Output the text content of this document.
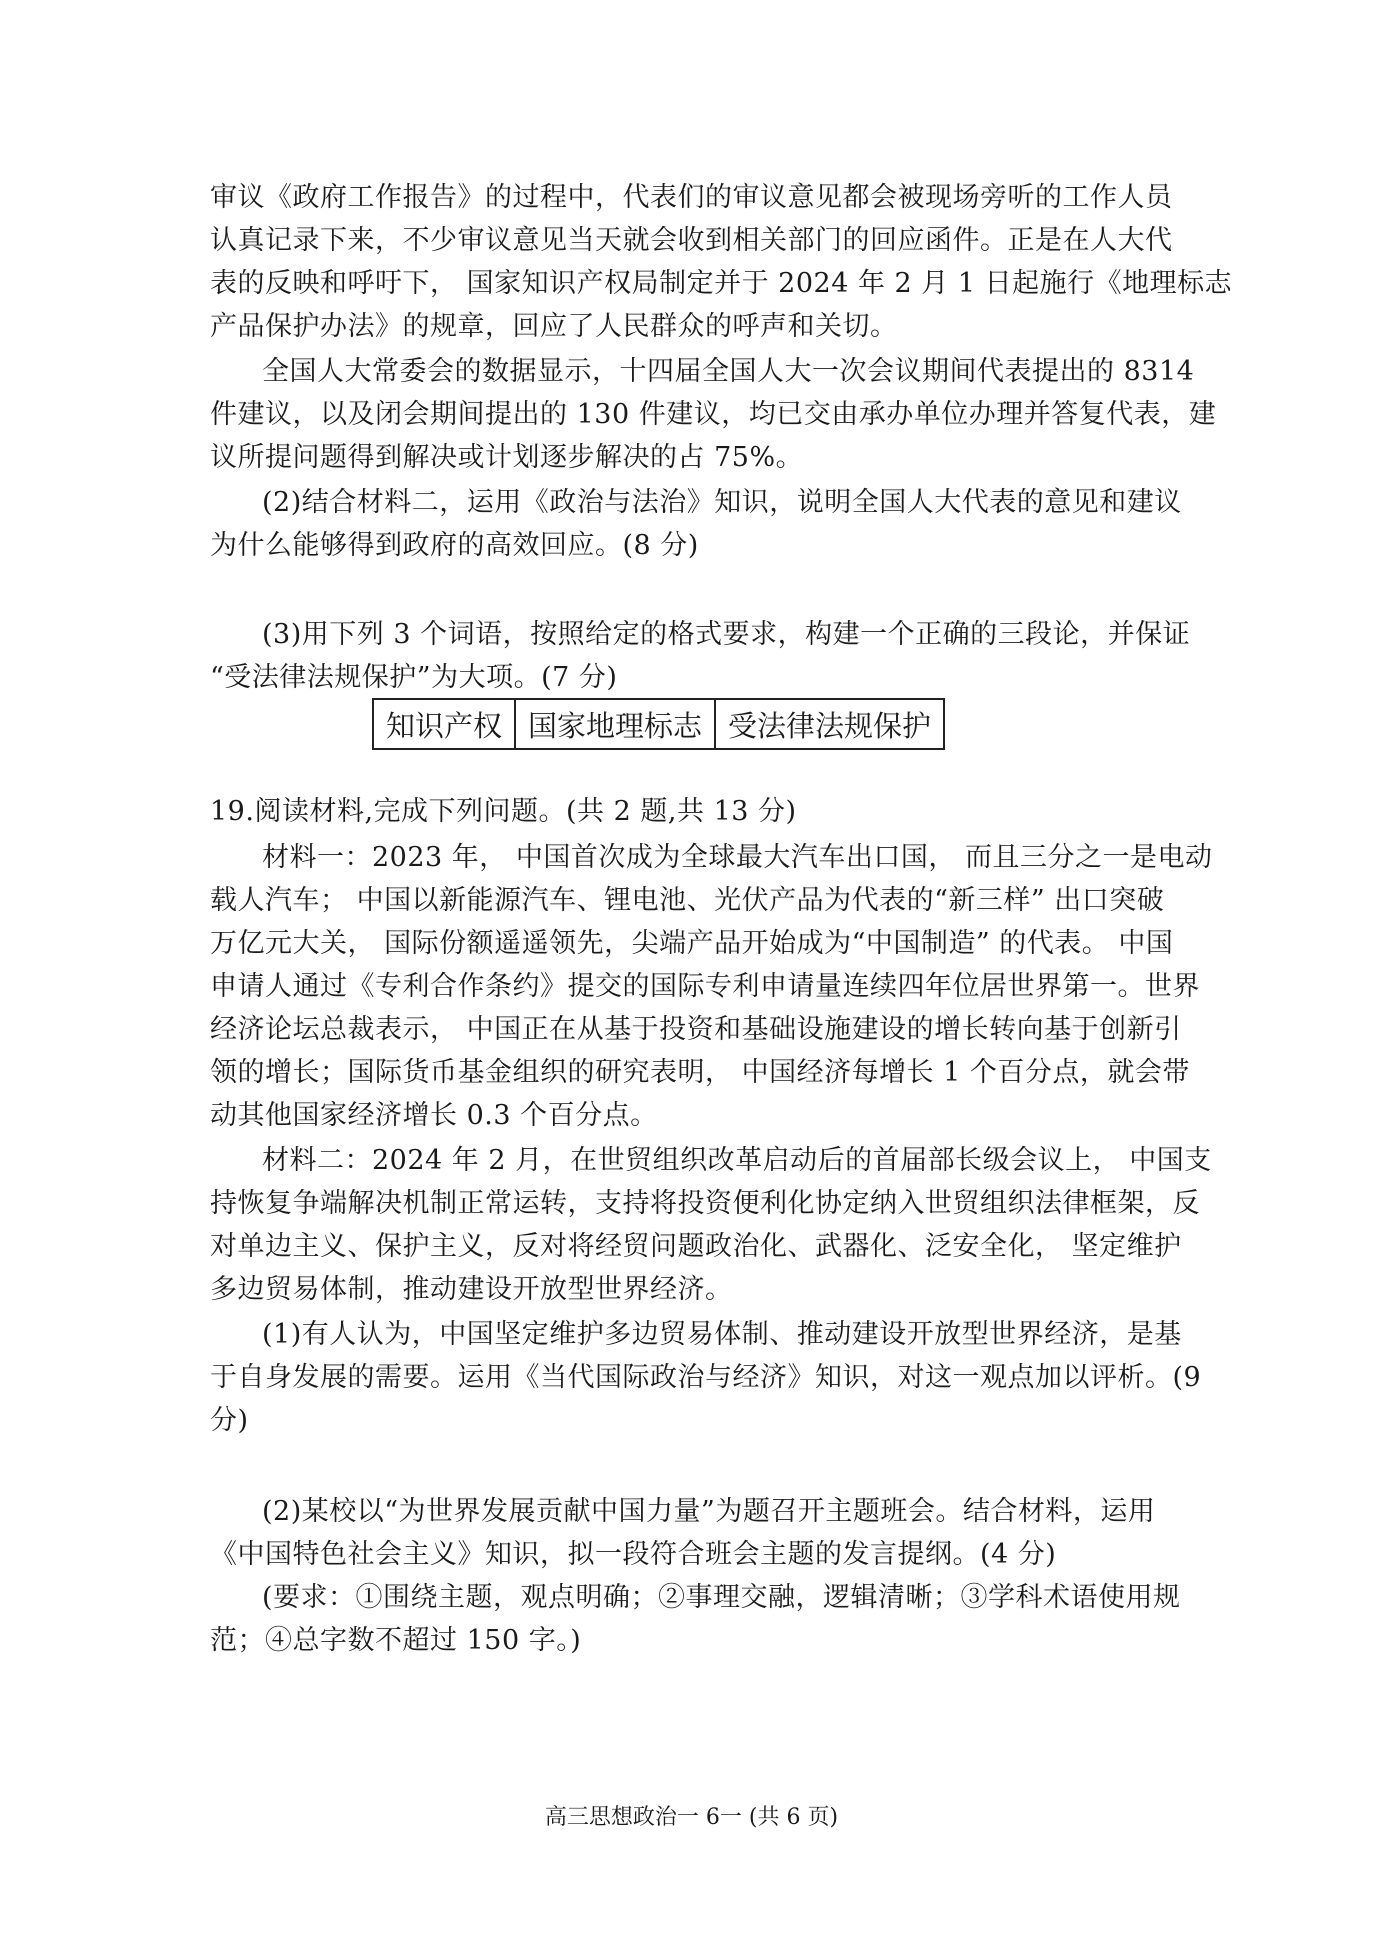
审议《政府工作报告》的过程中，代表们的审议意见都会被现场旁听的工作人员
认真记录下来，不少审议意见当天就会收到相关部门的回应函件。正是在人大代
表的反映和呼吁下， 国家知识产权局制定并于 2024 年 2 月 1 日起施行《地理标志
产品保护办法》的规章，回应了人民群众的呼声和关切。
全国人大常委会的数据显示，十四届全国人大一次会议期间代表提出的 8314
件建议，以及闭会期间提出的 130 件建议，均已交由承办单位办理并答复代表，建
议所提问题得到解决或计划逐步解决的占 75%。
(2)结合材料二，运用《政治与法治》知识，说明全国人大代表的意见和建议
为什么能够得到政府的高效回应。(8 分)
(3)用下列 3 个词语，按照给定的格式要求，构建一个正确的三段论，并保证
“受法律法规保护”为大项。(7 分)
知识产权	国家地理标志	受法律法规保护
19.阅读材料,完成下列问题。(共 2 题,共 13 分)
材料一：2023 年， 中国首次成为全球最大汽车出口国， 而且三分之一是电动
载人汽车； 中国以新能源汽车、锂电池、光伏产品为代表的“新三样” 出口突破
万亿元大关， 国际份额遥遥领先，尖端产品开始成为“中国制造” 的代表。 中国
申请人通过《专利合作条约》提交的国际专利申请量连续四年位居世界第一。世界
经济论坛总裁表示， 中国正在从基于投资和基础设施建设的增长转向基于创新引
领的增长；国际货币基金组织的研究表明， 中国经济每增长 1 个百分点，就会带
动其他国家经济增长 0.3 个百分点。
材料二：2024 年 2 月，在世贸组织改革启动后的首届部长级会议上， 中国支
持恢复争端解决机制正常运转，支持将投资便利化协定纳入世贸组织法律框架，反
对单边主义、保护主义，反对将经贸问题政治化、武器化、泛安全化， 坚定维护
多边贸易体制，推动建设开放型世界经济。
(1)有人认为，中国坚定维护多边贸易体制、推动建设开放型世界经济，是基
于自身发展的需要。运用《当代国际政治与经济》知识，对这一观点加以评析。(9
分)
(2)某校以“为世界发展贡献中国力量”为题召开主题班会。结合材料，运用
《中国特色社会主义》知识，拟一段符合班会主题的发言提纲。(4 分)
(要求：①围绕主题，观点明确；②事理交融，逻辑清晰；③学科术语使用规
范；④总字数不超过 150 字。)
高三思想政治一 6一 (共 6 页)
